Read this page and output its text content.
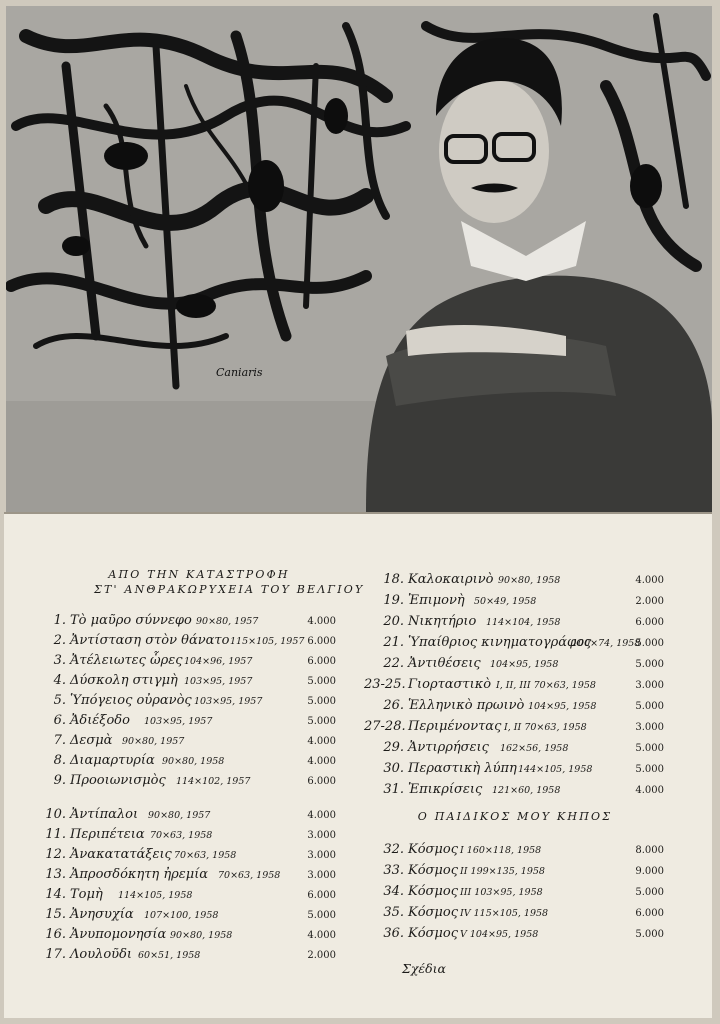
Caniaris
ΑΠΟ ΤΗΝ ΚΑΤΑΣΤΡΟΦΗ
ΣΤ' ΑΝΘΡΑΚΩΡΥΧΕΙΑ ΤΟΥ ΒΕΛΓΙΟΥ
1. Τὸ μαῦρο σύννεφο 90×80, 1957	4.000
2. Ἀντίσταση στὸν θάνατο 115×105, 1957 6.000
3. Ἀτέλειωτες ὧρες 104×96, 1957	6.000
4. Δύσκολη στιγμὴ 103×95, 1957	5.000
5. Ὑπόγειος οὐρανὸς 103×95, 1957	5.000
6. Ἀδιέξοδο 103×95, 1957	5.000
7. Δεσμὰ 90×80, 1957	4.000
8. Διαμαρτυρία 90×80, 1958	4.000
9. Προοιωνισμὸς 114×102, 1957	6.000
10. Ἀντίπαλοι 90×80, 1957	4.000
11. Περιπέτεια 70×63, 1958	3.000
12. Ἀνακατατάξεις 70×63, 1958	3.000
13. Ἀπροσδόκητη ἠρεμία 70×63, 1958	3.000
14. Τομὴ 114×105, 1958	6.000
15. Ἀνησυχία 107×100, 1958	5.000
16. Ἀνυπομονησία 90×80, 1958	4.000
17. Λουλοῦδι 60×51, 1958	2.000
18. Καλοκαιρινὸ 90×80, 1958	4.000
19. Ἐπιμονὴ 50×49, 1958	2.000
20. Νικητήριο 114×104, 1958	6.000
21. Ὑπαίθριος κινηματογράφος
100×74, 1958
5.000
22. Ἀντιθέσεις 104×95, 1958	5.000
23-25. Γιορταστικὸ I, II, III 70×63, 1958	3.000
26. Ἑλληνικὸ πρωινὸ 104×95, 1958	5.000
27-28. Περιμένοντας I, II 70×63, 1958	3.000
29. Ἀντιρρήσεις 162×56, 1958	5.000
30. Περαστικὴ λύπη 144×105, 1958	5.000
31. Ἐπικρίσεις 121×60, 1958	4.000
Ο ΠΑΙΔΙΚΟΣ ΜΟΥ ΚΗΠΟΣ
32. Κόσμος I 160×118, 1958	8.000
33. Κόσμος II 199×135, 1958	9.000
34. Κόσμος III 103×95, 1958	5.000
35. Κόσμος IV 115×105, 1958	6.000
36. Κόσμος V 104×95, 1958	5.000
Σχέδια
